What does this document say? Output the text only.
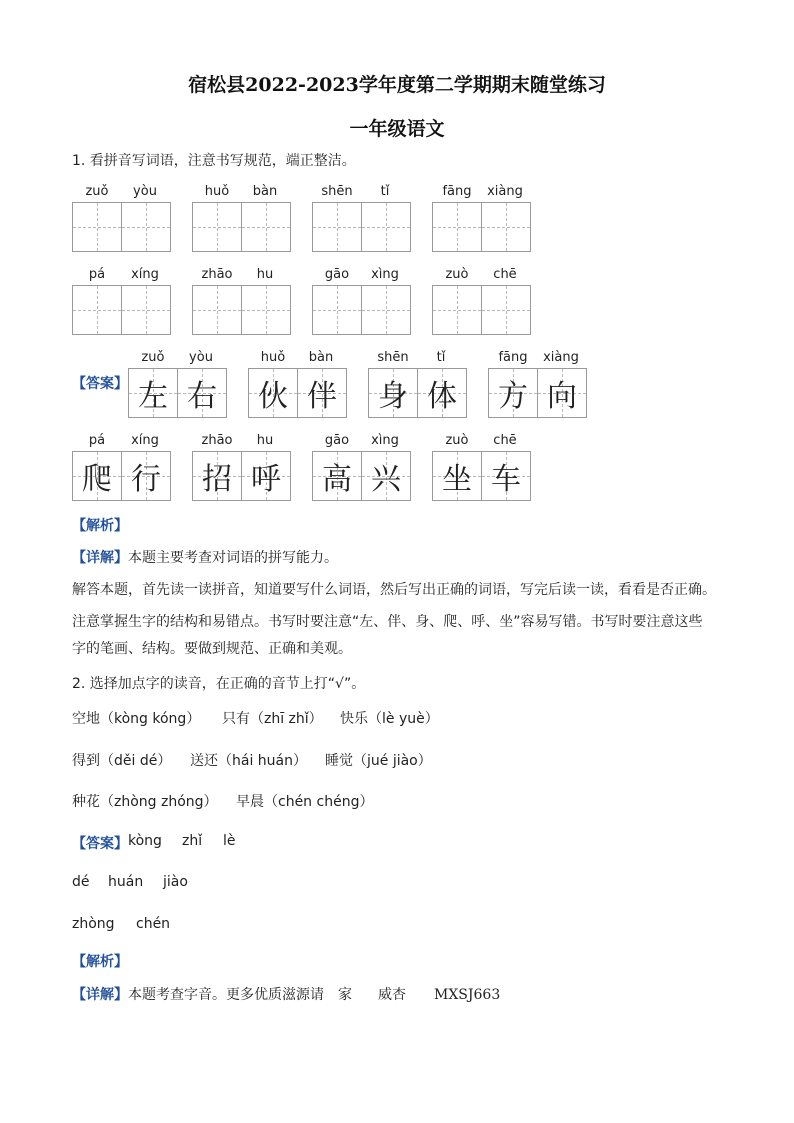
宿松县2022-2023学年度第二学期期末随堂练习
一年级语文
1. 看拼音写词语，注意书写规范，端正整洁。
zuǒ	yòu	huǒ	bàn	shēn	tǐ	fāng	xiàng
pá	xíng	zhāo	hu	gāo	xìng	zuò	chē
【答案】
zuǒ	yòu
左 右
huǒ	bàn
伙 伴
shēn	tǐ
身 体
fāng	xiàng
方 向
pá	xíng
爬 行
zhāo	hu
招 呼
gāo	xìng
高 兴
zuò	chē
坐 车
【解析】
【详解】本题主要考查对词语的拼写能力。
解答本题，首先读一读拼音，知道要写什么词语，然后写出正确的词语，写完后读一读，看看是否正确。
注意掌握生字的结构和易错点。书写时要注意“左、伴、身、爬、呼、坐”容易写错。书写时要注意这些
字的笔画、结构。要做到规范、正确和美观。
2. 选择加点字的读音，在正确的音节上打“√”。
空地（kòng kóng） 只有（zhī zhǐ） 快乐（lè yuè）
得到（děi dé） 送还（hái huán） 睡觉（jué jiào）
种花（zhòng zhóng） 早晨（chén chéng）
【答案】 kòng zhǐ lè
dé huán jiào
zhòng chén
【解析】
【详解】本题考查字音。更多优质滋源请 家 威杏 MXSJ663
